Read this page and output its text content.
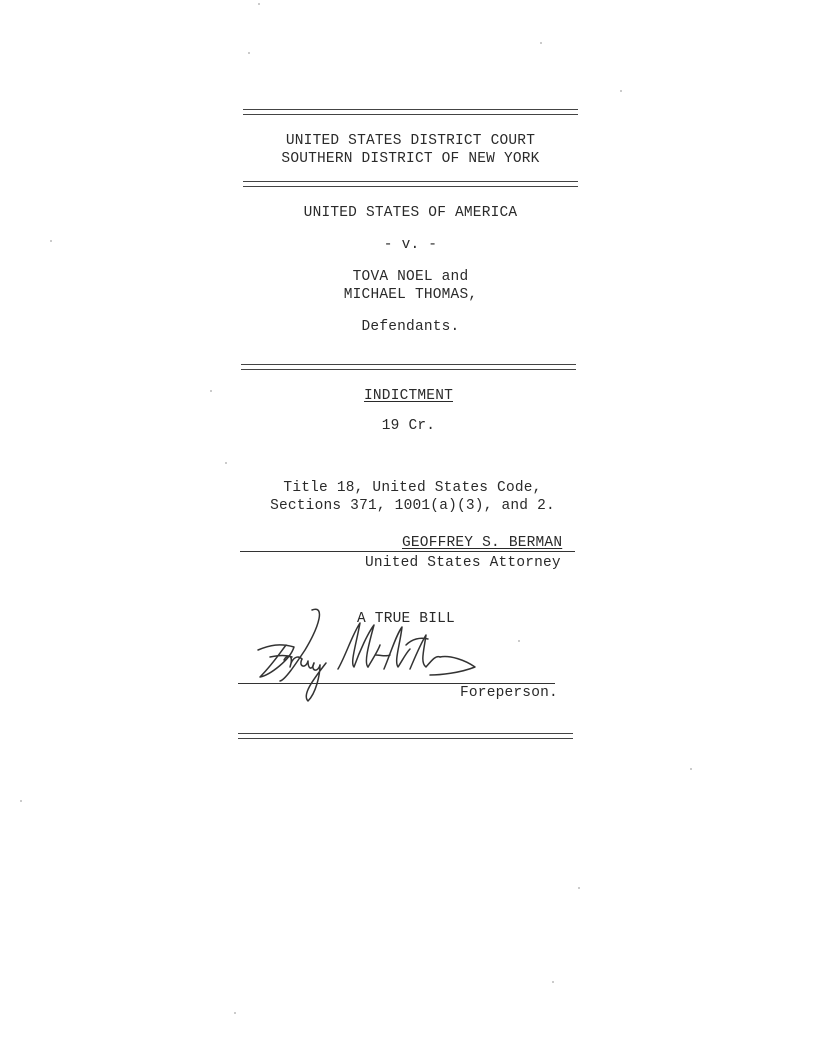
UNITED STATES DISTRICT COURT
SOUTHERN DISTRICT OF NEW YORK
UNITED STATES OF AMERICA
- v. -
TOVA NOEL and
MICHAEL THOMAS,
Defendants.
INDICTMENT
19 Cr.
Title 18, United States Code,
Sections 371, 1001(a)(3), and 2.
GEOFFREY S. BERMAN
United States Attorney
A TRUE BILL
Foreperson.
